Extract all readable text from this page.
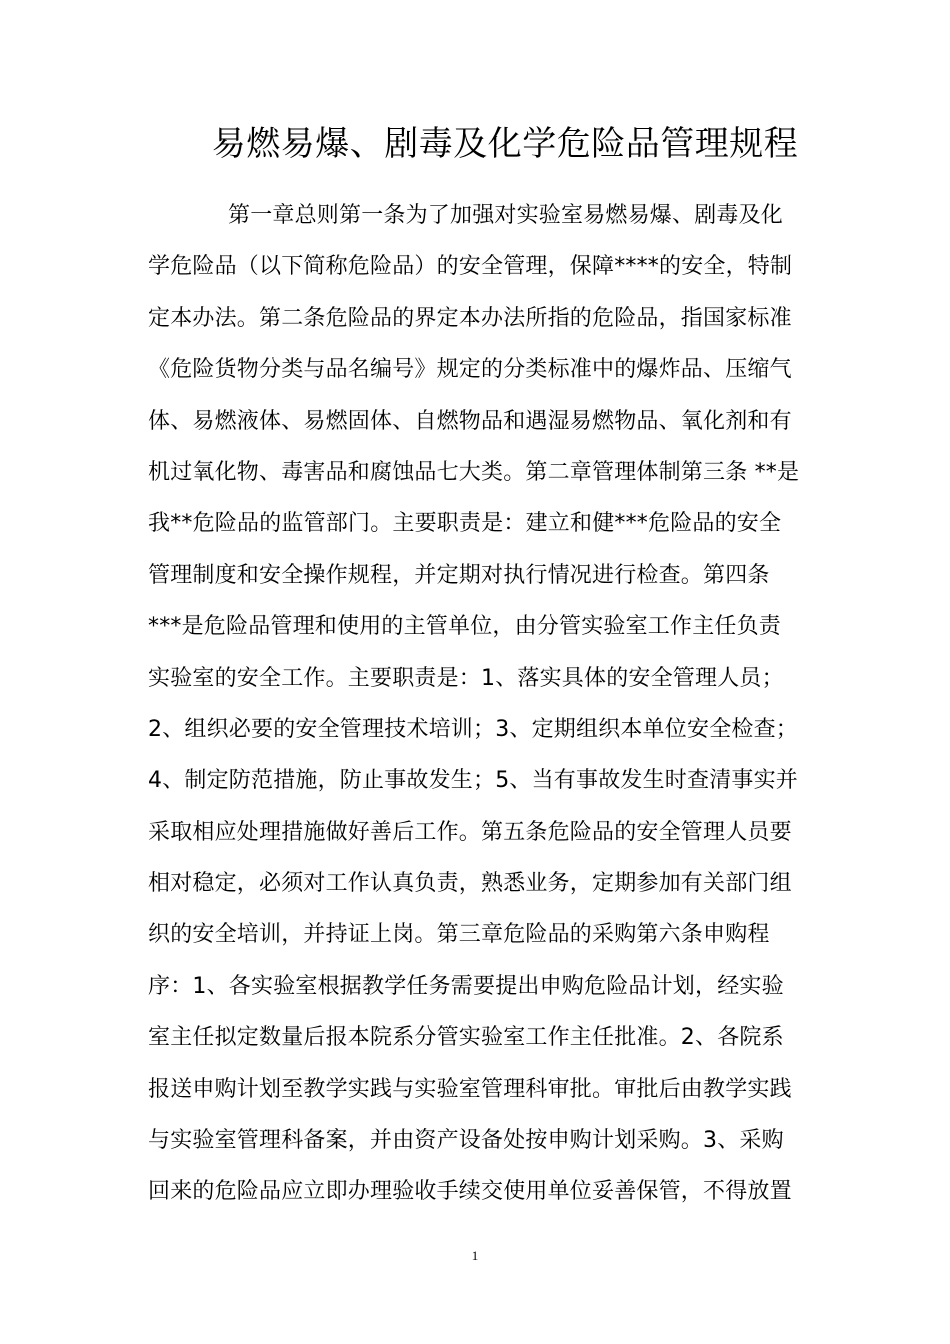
易燃易爆、剧毒及化学危险品管理规程
第一章总则第一条为了加强对实验室易燃易爆、剧毒及化
学危险品（以下简称危险品）的安全管理，保障****的安全，特制
定本办法。第二条危险品的界定本办法所指的危险品，指国家标准
《危险货物分类与品名编号》规定的分类标准中的爆炸品、压缩气
体、易燃液体、易燃固体、自燃物品和遇湿易燃物品、氧化剂和有
机过氧化物、毒害品和腐蚀品七大类。第二章管理体制第三条 **是
我**危险品的监管部门。主要职责是：建立和健***危险品的安全
管理制度和安全操作规程，并定期对执行情况进行检查。第四条
***是危险品管理和使用的主管单位，由分管实验室工作主任负责
实验室的安全工作。主要职责是：1、落实具体的安全管理人员；
2、组织必要的安全管理技术培训；3、定期组织本单位安全检查；
4、制定防范措施，防止事故发生；5、当有事故发生时查清事实并
采取相应处理措施做好善后工作。第五条危险品的安全管理人员要
相对稳定，必须对工作认真负责，熟悉业务，定期参加有关部门组
织的安全培训，并持证上岗。第三章危险品的采购第六条申购程
序：1、各实验室根据教学任务需要提出申购危险品计划，经实验
室主任拟定数量后报本院系分管实验室工作主任批准。2、各院系
报送申购计划至教学实践与实验室管理科审批。审批后由教学实践
与实验室管理科备案，并由资产设备处按申购计划采购。3、采购
回来的危险品应立即办理验收手续交使用单位妥善保管，不得放置
1
